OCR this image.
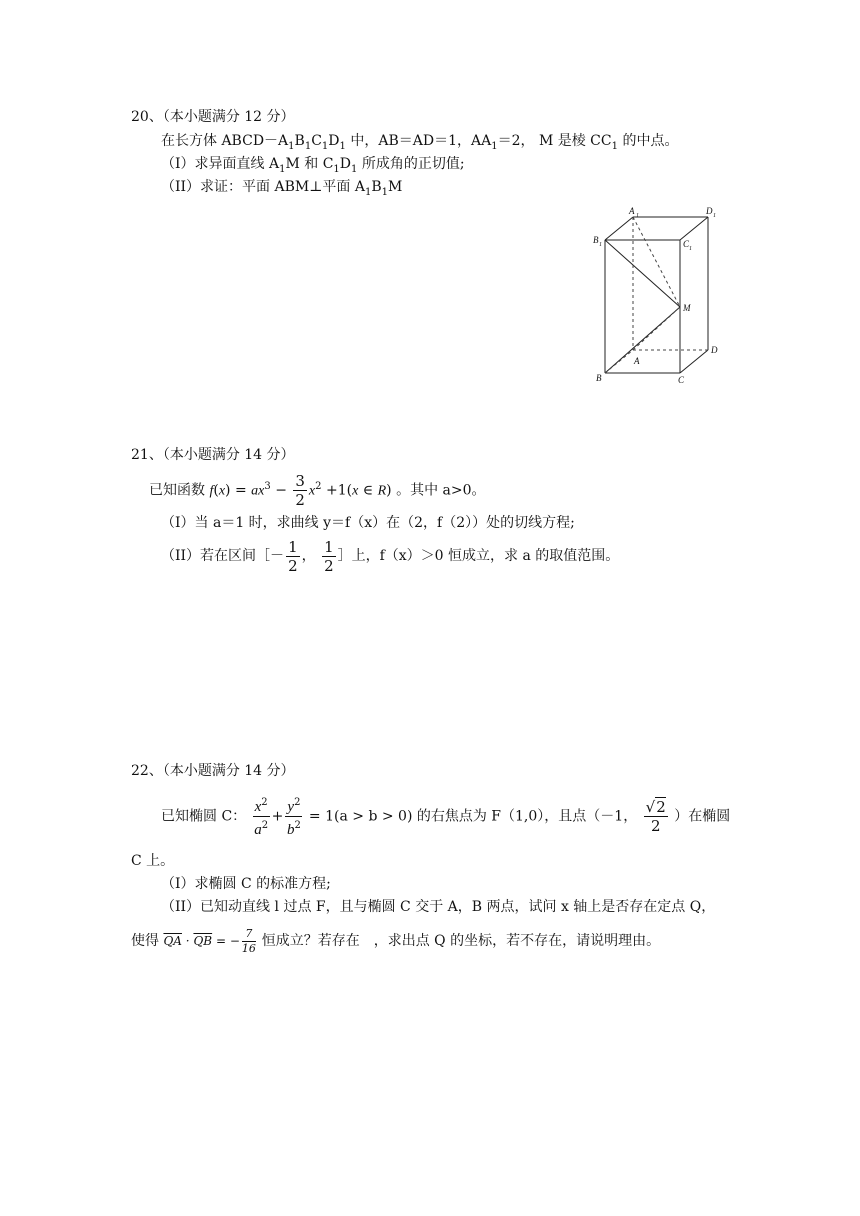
20、（本小题满分 12 分）
在长方体 $ABCD-A_1B_1C_1D_1$ 中，AB＝AD＝1，$AA_1=2$， M 是棱 $CC_1$ 的中点。
（I）求异面直线 $A_1M$ 和 $C_1D_1$ 所成角的正切值;
（II）求证：平面 ABM⊥平面 $A_1B_1M$
A 1	D 1
B 1	C 1
M
A
D
B	C
21、（本小题满分 14 分）
已知函数 $f(x) = ax^3 - \frac{3}{2} x^2 +1(x$ ∈ R) 。其中 a>0。
（I）当 a＝1 时，求曲线 y＝f（x）在（2，f（2））处的切线方程;
（II）若在区间［－ $\frac{1}{2}$ ， $\frac{1}{2}$ ］上，f（x）＞0 恒成立，求 a 的取值范围。
22、（本小题满分 14 分）
已知椭圆 C： $\frac{x^2}{a^2} + \frac{y^2}{b^2} = 1(a > b > 0)$ 的右焦点为 F（1,0），且点（－1， $\frac{√2}{2}$ ）在椭圆
C 上。
（I）求椭圆 C 的标准方程;
（II）已知动直线 l 过点 F，且与椭圆 C 交于 A，B 两点，试问 x 轴上是否存在定点 Q，
使得 $\overline{QA} \cdot \overline{QB}$ = − $\frac{7}{16}$ 恒成立？若存在　，求出点 Q 的坐标，若不存在，请说明理由。
